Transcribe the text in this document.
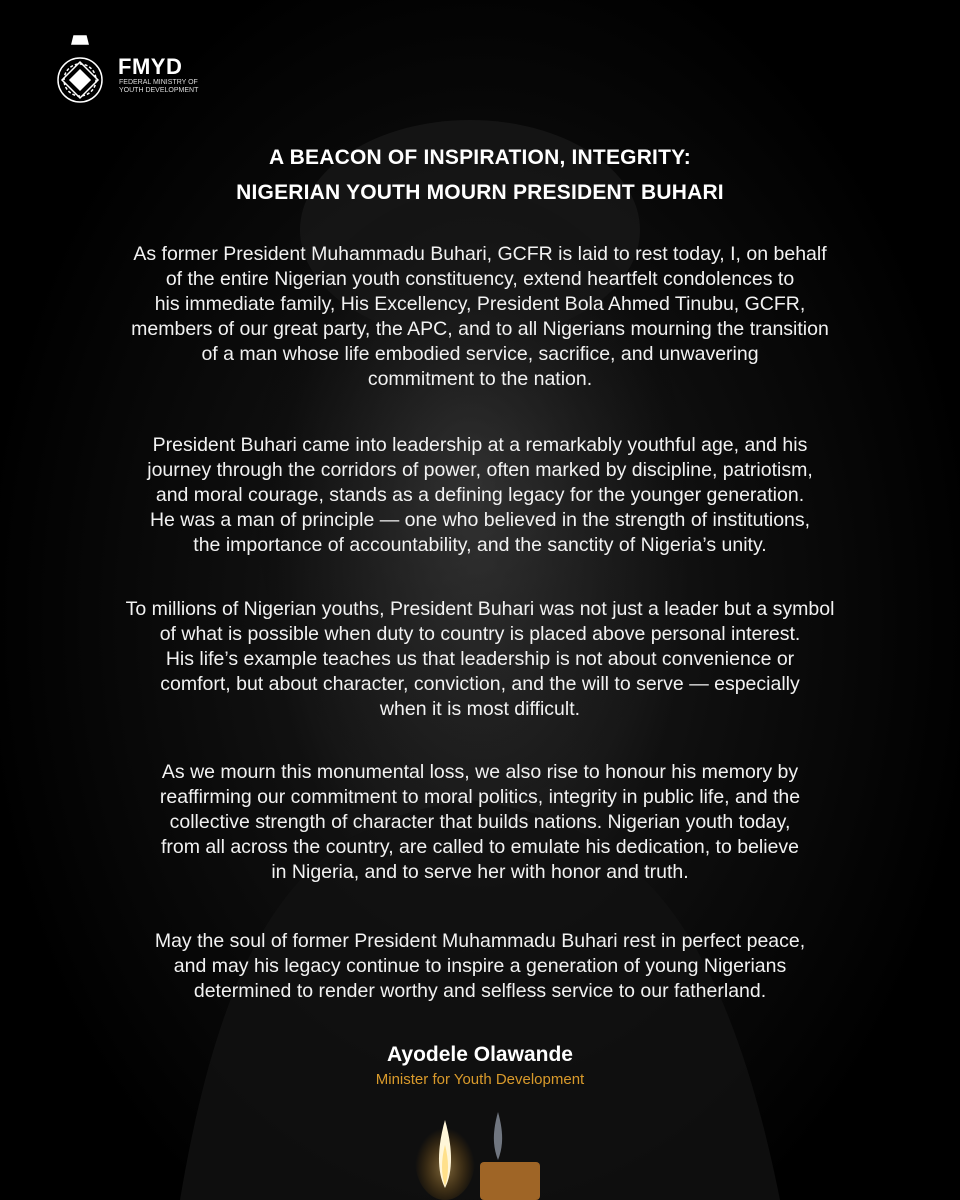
FMYD
FEDERAL MINISTRY OF YOUTH DEVELOPMENT
A BEACON OF INSPIRATION, INTEGRITY:
NIGERIAN YOUTH MOURN PRESIDENT BUHARI
As former President Muhammadu Buhari, GCFR is laid to rest today, I, on behalf
of the entire Nigerian youth constituency, extend heartfelt condolences to
his immediate family, His Excellency, President Bola Ahmed Tinubu, GCFR,
members of our great party, the APC, and to all Nigerians mourning the transition
of a man whose life embodied service, sacrifice, and unwavering
commitment to the nation.
President Buhari came into leadership at a remarkably youthful age, and his
journey through the corridors of power, often marked by discipline, patriotism,
and moral courage, stands as a defining legacy for the younger generation.
He was a man of principle — one who believed in the strength of institutions,
the importance of accountability, and the sanctity of Nigeria’s unity.
To millions of Nigerian youths, President Buhari was not just a leader but a symbol
of what is possible when duty to country is placed above personal interest.
His life’s example teaches us that leadership is not about convenience or
comfort, but about character, conviction, and the will to serve — especially
when it is most difficult.
As we mourn this monumental loss, we also rise to honour his memory by
reaffirming our commitment to moral politics, integrity in public life, and the
collective strength of character that builds nations. Nigerian youth today,
from all across the country, are called to emulate his dedication, to believe
in Nigeria, and to serve her with honor and truth.
May the soul of former President Muhammadu Buhari rest in perfect peace,
and may his legacy continue to inspire a generation of young Nigerians
determined to render worthy and selfless service to our fatherland.
Ayodele Olawande
Minister for Youth Development
